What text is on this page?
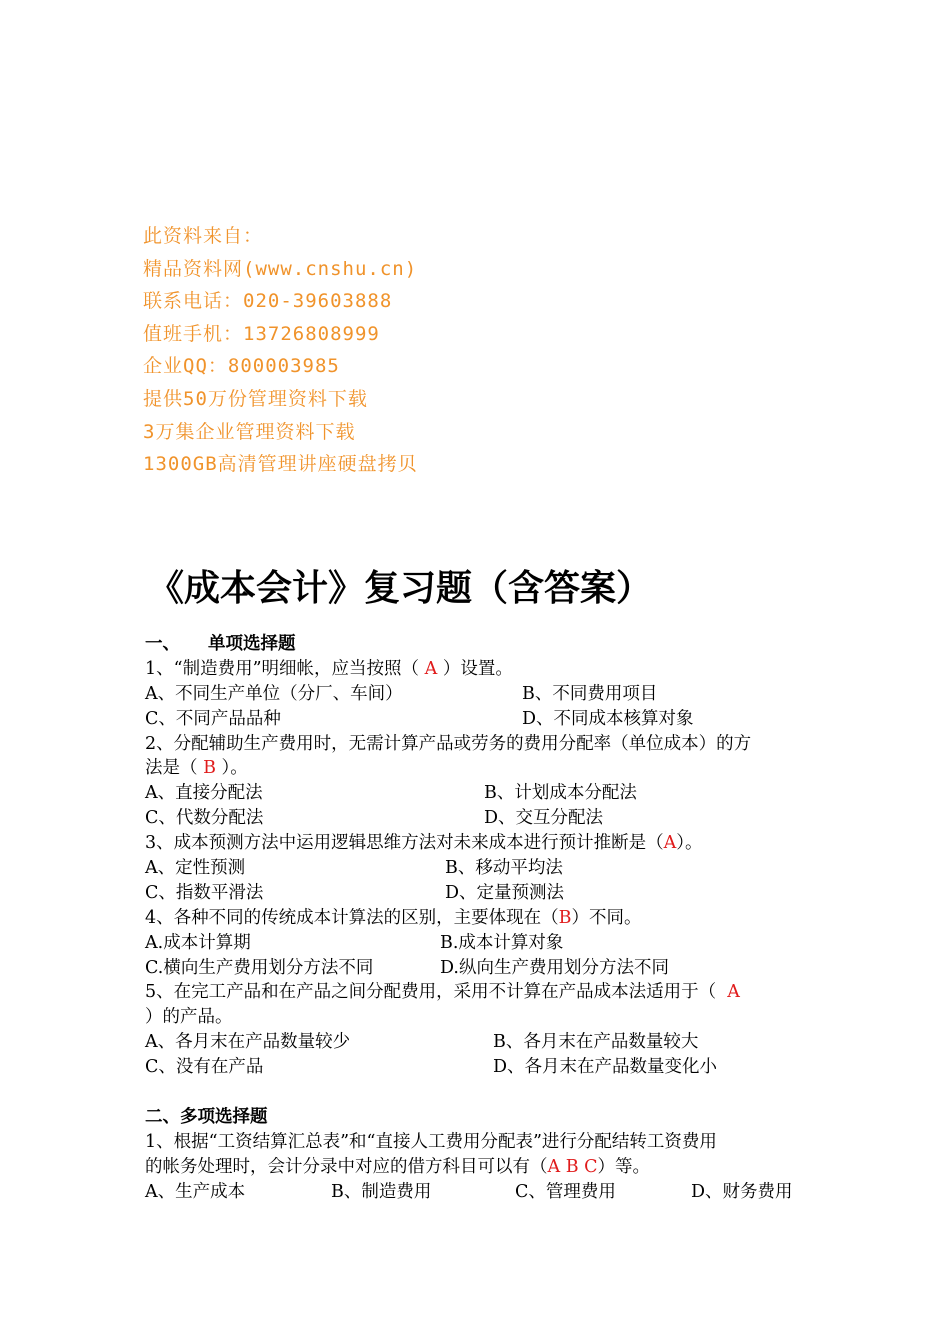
此资料来自：
精品资料网(www.cnshu.cn)
联系电话：020-39603888
值班手机：13726808999
企业QQ：800003985
提供50万份管理资料下载
3万集企业管理资料下载
1300GB高清管理讲座硬盘拷贝
《成本会计》复习题（含答案）
一、 单项选择题
1、“制造费用”明细帐，应当按照（ A ）设置。
A、不同生产单位（分厂、车间）	B、不同费用项目
C、不同产品品种	D、不同成本核算对象
2、分配辅助生产费用时，无需计算产品或劳务的费用分配率（单位成本）的方
法是（ B ）。
A、直接分配法	B、计划成本分配法
C、代数分配法	D、交互分配法
3、成本预测方法中运用逻辑思维方法对未来成本进行预计推断是（A）。
A、定性预测	B、移动平均法
C、指数平滑法	D、定量预测法
4、各种不同的传统成本计算法的区别，主要体现在（B）不同。
A.成本计算期	B.成本计算对象
C.横向生产费用划分方法不同	D.纵向生产费用划分方法不同
5、在完工产品和在产品之间分配费用，采用不计算在产品成本法适用于（ A
）的产品。
A、各月末在产品数量较少	B、各月末在产品数量较大
C、没有在产品	D、各月末在产品数量变化小
二、多项选择题
1、根据“工资结算汇总表”和“直接人工费用分配表”进行分配结转工资费用
的帐务处理时，会计分录中对应的借方科目可以有（A B C）等。
A、生产成本	B、制造费用	C、管理费用	D、财务费用
